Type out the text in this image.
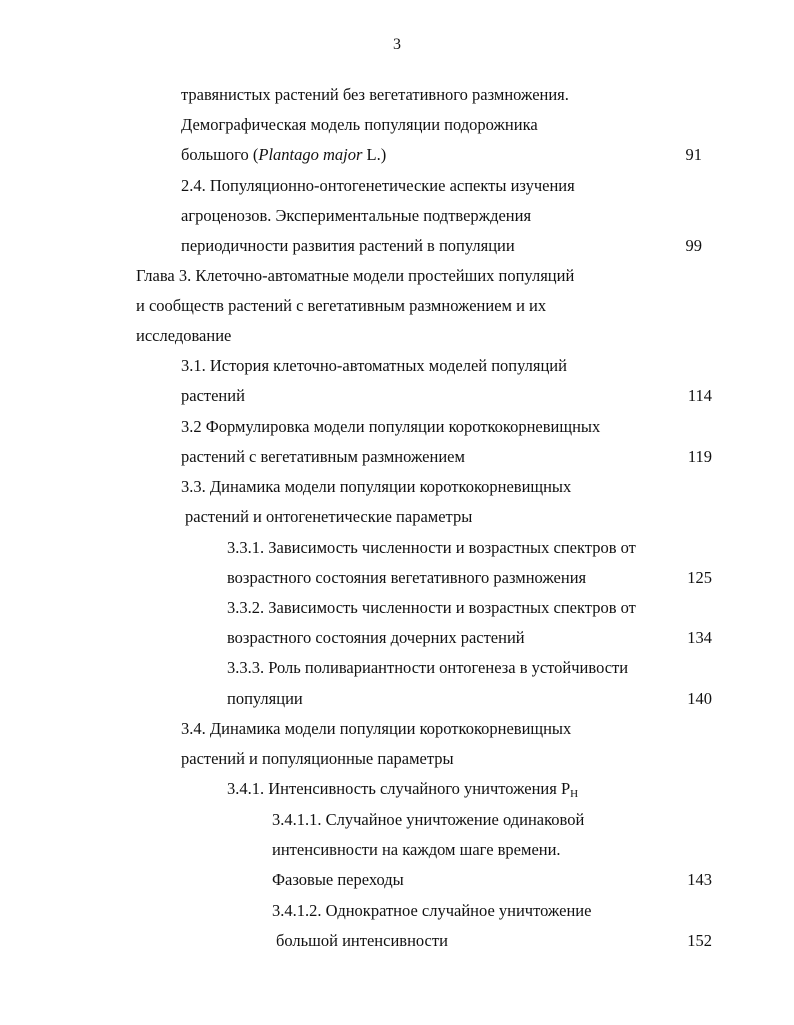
3
травянистых растений без вегетативного размножения.
Демографическая модель популяции подорожника
большого (Plantago major L.)	91
2.4. Популяционно-онтогенетические аспекты изучения
агроценозов. Экспериментальные подтверждения
периодичности развития растений в популяции	99
Глава 3. Клеточно-автоматные модели простейших популяций
и сообществ растений с вегетативным размножением и их
исследование
3.1. История клеточно-автоматных моделей популяций
растений	114
3.2 Формулировка модели популяции короткокорневищных
растений с вегетативным размножением	119
3.3. Динамика модели популяции короткокорневищных
растений и онтогенетические параметры
3.3.1. Зависимость численности и возрастных спектров от
возрастного состояния вегетативного размножения	125
3.3.2. Зависимость численности и возрастных спектров от
возрастного состояния дочерних растений	134
3.3.3. Роль поливариантности онтогенеза в устойчивости
популяции	140
3.4. Динамика модели популяции короткокорневищных
растений и популяционные параметры
3.4.1. Интенсивность случайного уничтожения $P_H$
3.4.1.1. Случайное уничтожение одинаковой
интенсивности на каждом шаге времени.
Фазовые переходы	143
3.4.1.2. Однократное случайное уничтожение
большой интенсивности	152
